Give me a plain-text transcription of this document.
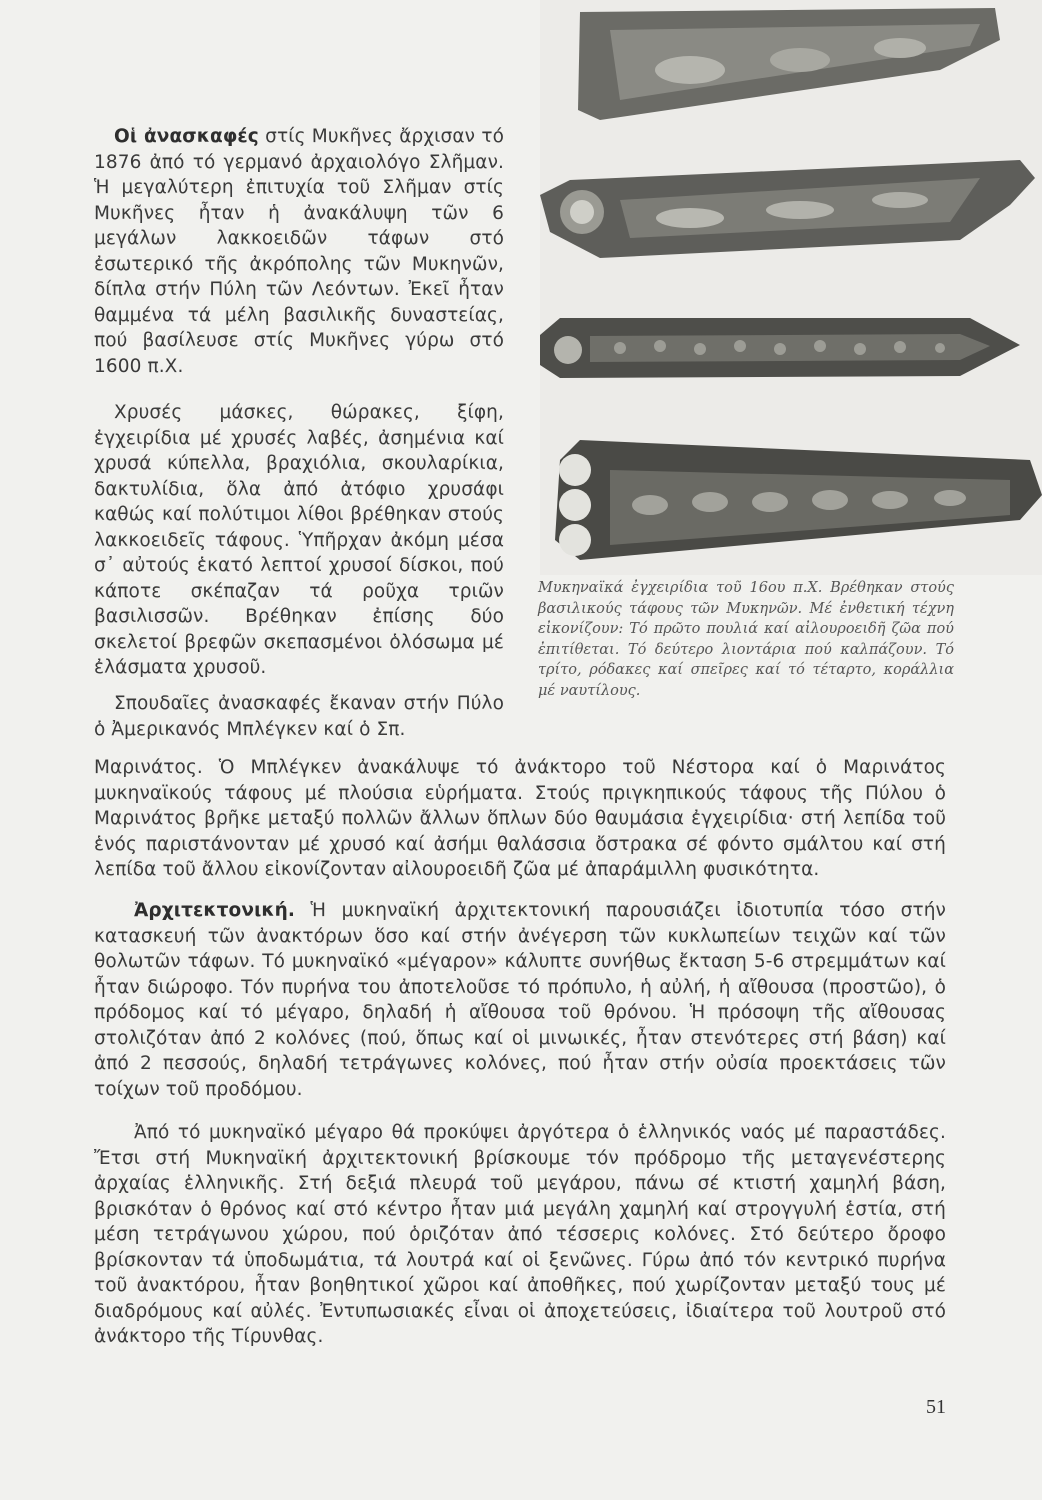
Οἱ ἀνασκαφές στίς Μυκῆνες ἄρχισαν τό 1876 ἀπό τό γερμανό ἀρχαιολόγο Σλῆμαν. Ἡ μεγαλύτερη ἐπιτυχία τοῦ Σλῆμαν στίς Μυκῆνες ἦταν ἡ ἀνακάλυψη τῶν 6 μεγάλων λακκοειδῶν τάφων στό ἐσωτερικό τῆς ἀκρόπολης τῶν Μυκηνῶν, δίπλα στήν Πύλη τῶν Λεόντων. Ἐκεῖ ἦταν θαμμένα τά μέλη βασιλικῆς δυναστείας, πού βασίλευσε στίς Μυκῆνες γύρω στό 1600 π.Χ.

Χρυσές μάσκες, θώρακες, ξίφη, ἐγχειρίδια μέ χρυσές λαβές, ἀσημένια καί χρυσά κύπελλα, βραχιόλια, σκουλαρίκια, δακτυλίδια, ὅλα ἀπό ἀτόφιο χρυσάφι καθώς καί πολύτιμοι λίθοι βρέθηκαν στούς λακκοειδεῖς τάφους. Ὑπῆρχαν ἀκόμη μέσα σ᾽ αὐτούς ἑκατό λεπτοί χρυσοί δίσκοι, πού κάποτε σκέπαζαν τά ροῦχα τριῶν βασιλισσῶν. Βρέθηκαν ἐπίσης δύο σκελετοί βρεφῶν σκεπασμένοι ὁλόσωμα μέ ἐλάσματα χρυσοῦ.

Σπουδαῖες ἀνασκαφές ἔκαναν στήν Πύλο ὁ Ἀμερικανός Μπλέγκεν καί ὁ Σπ.

Μαρινάτος. Ὁ Μπλέγκεν ἀνακάλυψε τό ἀνάκτορο τοῦ Νέστορα καί ὁ Μαρινάτος μυκηναϊκούς τάφους μέ πλούσια εὑρήματα. Στούς πριγκηπικούς τάφους τῆς Πύλου ὁ Μαρινάτος βρῆκε μεταξύ πολλῶν ἄλλων ὅπλων δύο θαυμάσια ἐγχειρίδια· στή λεπίδα τοῦ ἑνός παριστάνονταν μέ χρυσό καί ἀσήμι θαλάσσια ὄστρακα σέ φόντο σμάλτου καί στή λεπίδα τοῦ ἄλλου εἰκονίζονταν αἰλουροειδῆ ζῶα μέ ἀπαράμιλλη φυσικότητα.

Μυκηναϊκά ἐγχειρίδια τοῦ 16ου π.Χ. Βρέθηκαν στούς βασιλικούς τάφους τῶν Μυκηνῶν. Μέ ἐνθετική τέχνη εἰκονίζουν: Τό πρῶτο πουλιά καί αἰλουροειδῆ ζῶα πού ἐπιτίθεται. Τό δεύτερο λιοντάρια πού καλπάζουν. Τό τρίτο, ρόδακες καί σπεῖρες καί τό τέταρτο, κοράλλια μέ ναυτίλους.

Ἀρχιτεκτονική. Ἡ μυκηναϊκή ἀρχιτεκτονική παρουσιάζει ἰδιοτυπία τόσο στήν κατασκευή τῶν ἀνακτόρων ὅσο καί στήν ἀνέγερση τῶν κυκλωπείων τειχῶν καί τῶν θολωτῶν τάφων. Τό μυκηναϊκό «μέγαρον» κάλυπτε συνήθως ἔκταση 5-6 στρεμμάτων καί ἦταν διώροφο. Τόν πυρήνα του ἀποτελοῦσε τό πρόπυλο, ἡ αὐλή, ἡ αἴθουσα (προστῶο), ὁ πρόδομος καί τό μέγαρο, δηλαδή ἡ αἴθουσα τοῦ θρόνου. Ἡ πρόσοψη τῆς αἴθουσας στολιζόταν ἀπό 2 κολόνες (πού, ὅπως καί οἱ μινωικές, ἦταν στενότερες στή βάση) καί ἀπό 2 πεσσούς, δηλαδή τετράγωνες κολόνες, πού ἦταν στήν οὐσία προεκτάσεις τῶν τοίχων τοῦ προδόμου.

Ἀπό τό μυκηναϊκό μέγαρο θά προκύψει ἀργότερα ὁ ἑλληνικός ναός μέ παραστάδες. Ἔτσι στή Μυκηναϊκή ἀρχιτεκτονική βρίσκουμε τόν πρόδρομο τῆς μεταγενέστερης ἀρχαίας ἑλληνικῆς. Στή δεξιά πλευρά τοῦ μεγάρου, πάνω σέ κτιστή χαμηλή βάση, βρισκόταν ὁ θρόνος καί στό κέντρο ἦταν μιά μεγάλη χαμηλή καί στρογγυλή ἑστία, στή μέση τετράγωνου χώρου, πού ὁριζόταν ἀπό τέσσερις κολόνες. Στό δεύτερο ὄροφο βρίσκονταν τά ὑποδωμάτια, τά λουτρά καί οἱ ξενῶνες. Γύρω ἀπό τόν κεντρικό πυρήνα τοῦ ἀνακτόρου, ἦταν βοηθητικοί χῶροι καί ἀποθῆκες, πού χωρίζονταν μεταξύ τους μέ διαδρόμους καί αὐλές. Ἐντυπωσιακές εἶναι οἱ ἀποχετεύσεις, ἰδιαίτερα τοῦ λουτροῦ στό ἀνάκτορο τῆς Τίρυνθας.

51
